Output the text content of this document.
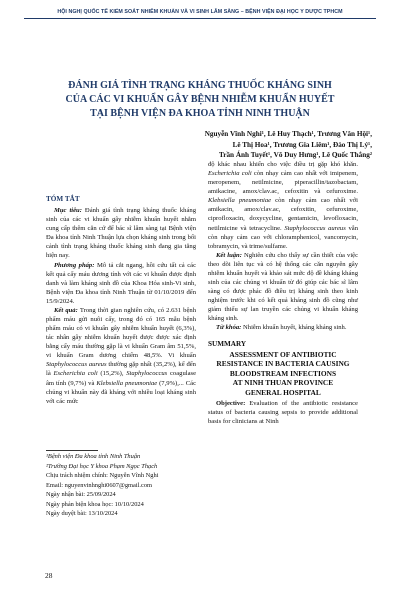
HỘI NGHỊ QUỐC TẾ KIỂM SOÁT NHIỄM KHUẨN VÀ VI SINH LÂM SÀNG – BỆNH VIỆN ĐẠI HỌC Y DƯỢC TPHCM
ĐÁNH GIÁ TÌNH TRẠNG KHÁNG THUỐC KHÁNG SINH
CỦA CÁC VI KHUẨN GÂY BỆNH NHIỄM KHUẨN HUYẾT
TẠI BỆNH VIỆN ĐA KHOA TỈNH NINH THUẬN
Nguyễn Vĩnh Nghi¹, Lê Huy Thạch¹, Trương Văn Hội¹,
Lê Thị Hoa¹, Trương Gia Liêm¹, Đào Thị Lý¹,
Trần Ánh Tuyết¹, Võ Duy Hưng¹, Lê Quốc Thắng²
TÓM TẮT

Mục tiêu: Đánh giá tình trạng kháng thuốc kháng sinh của các vi khuẩn gây nhiễm khuẩn huyết nhằm cung cấp thêm căn cứ để bác sĩ lâm sàng tại Bệnh viện Đa khoa tỉnh Ninh Thuận lựa chọn kháng sinh trong bối cảnh tình trạng kháng thuốc kháng sinh đang gia tăng hiện nay.

Phương pháp: Mô tả cắt ngang, hồi cứu tất cả các kết quả cấy máu dương tính với các vi khuẩn được định danh và làm kháng sinh đồ của Khoa Hóa sinh-Vi sinh, Bệnh viện Đa khoa tỉnh Ninh Thuận từ 01/10/2019 đến 15/9/2024.

Kết quả: Trong thời gian nghiên cứu, có 2.631 bệnh phẩm máu gửi nuôi cấy, trong đó có 165 mẫu bệnh phẩm máu có vi khuẩn gây nhiễm khuẩn huyết (6,3%), tác nhân gây nhiễm khuẩn huyết được được xác định bằng cấy máu thường gặp là vi khuẩn Gram âm 51,5%, vi khuẩn Gram dương chiếm 48,5%. Vi khuẩn Staphylococcus aureus thường gặp nhất (35,2%), kế đến là Escherichia coli (15,2%), Staphylococcus coagulase âm tính (9,7%) và Klebsiella pneumoniae (7,9%),... Các chủng vi khuẩn này đã kháng với nhiều loại kháng sinh với các mức

độ khác nhau khiến cho việc điều trị gặp khó khăn. Escherichia coli còn nhạy cảm cao nhất với imipenem, meropenem, netilmicine, piperacillin/tazobactam, amikacine, amox/clav.ac, cefoxitin và cefuroxime. Klebsiella pneumoniae còn nhạy cảm cao nhất với amikacin, amox/clav.ac, cefoxitin, cefuroxime, ciprofloxacin, doxycycline, gentamicin, levofloxacin, netilmicine và tetracycline. Staphylococcus aureus vẫn còn nhạy cảm cao với chloramphenicol, vancomycin, tobramycin, và trime/sulfame.

Kết luận: Nghiên cứu cho thấy sự cần thiết của việc theo dõi liên tục và có hệ thống các căn nguyên gây nhiễm khuẩn huyết và khảo sát mức độ đề kháng kháng sinh của các chủng vi khuẩn từ đó giúp các bác sĩ lâm sàng có được phác đồ điều trị kháng sinh theo kinh nghiệm trước khi có kết quả kháng sinh đồ cũng như giảm thiểu sự lan truyền các chủng vi khuẩn kháng kháng sinh.

Từ khóa: Nhiễm khuẩn huyết, kháng kháng sinh.

SUMMARY
ASSESSMENT OF ANTIBIOTIC
RESISTANCE IN BACTERIA CAUSING
BLOODSTREAM INFECTIONS
AT NINH THUAN PROVINCE
GENERAL HOSPITAL

Objective: Evaluation of the antibiotic resistance status of bacteria causing sepsis to provide additional basis for clinicians at Ninh

¹Bệnh viện Đa khoa tỉnh Ninh Thuận
²Trường Đại học Y khoa Phạm Ngọc Thạch
Chịu trách nhiệm chính: Nguyễn Vĩnh Nghi
Email: nguyenvinhnghi0607@gmail.com
Ngày nhận bài: 25/09/2024
Ngày phản biện khoa học: 10/10/2024
Ngày duyệt bài: 13/10/2024
28
